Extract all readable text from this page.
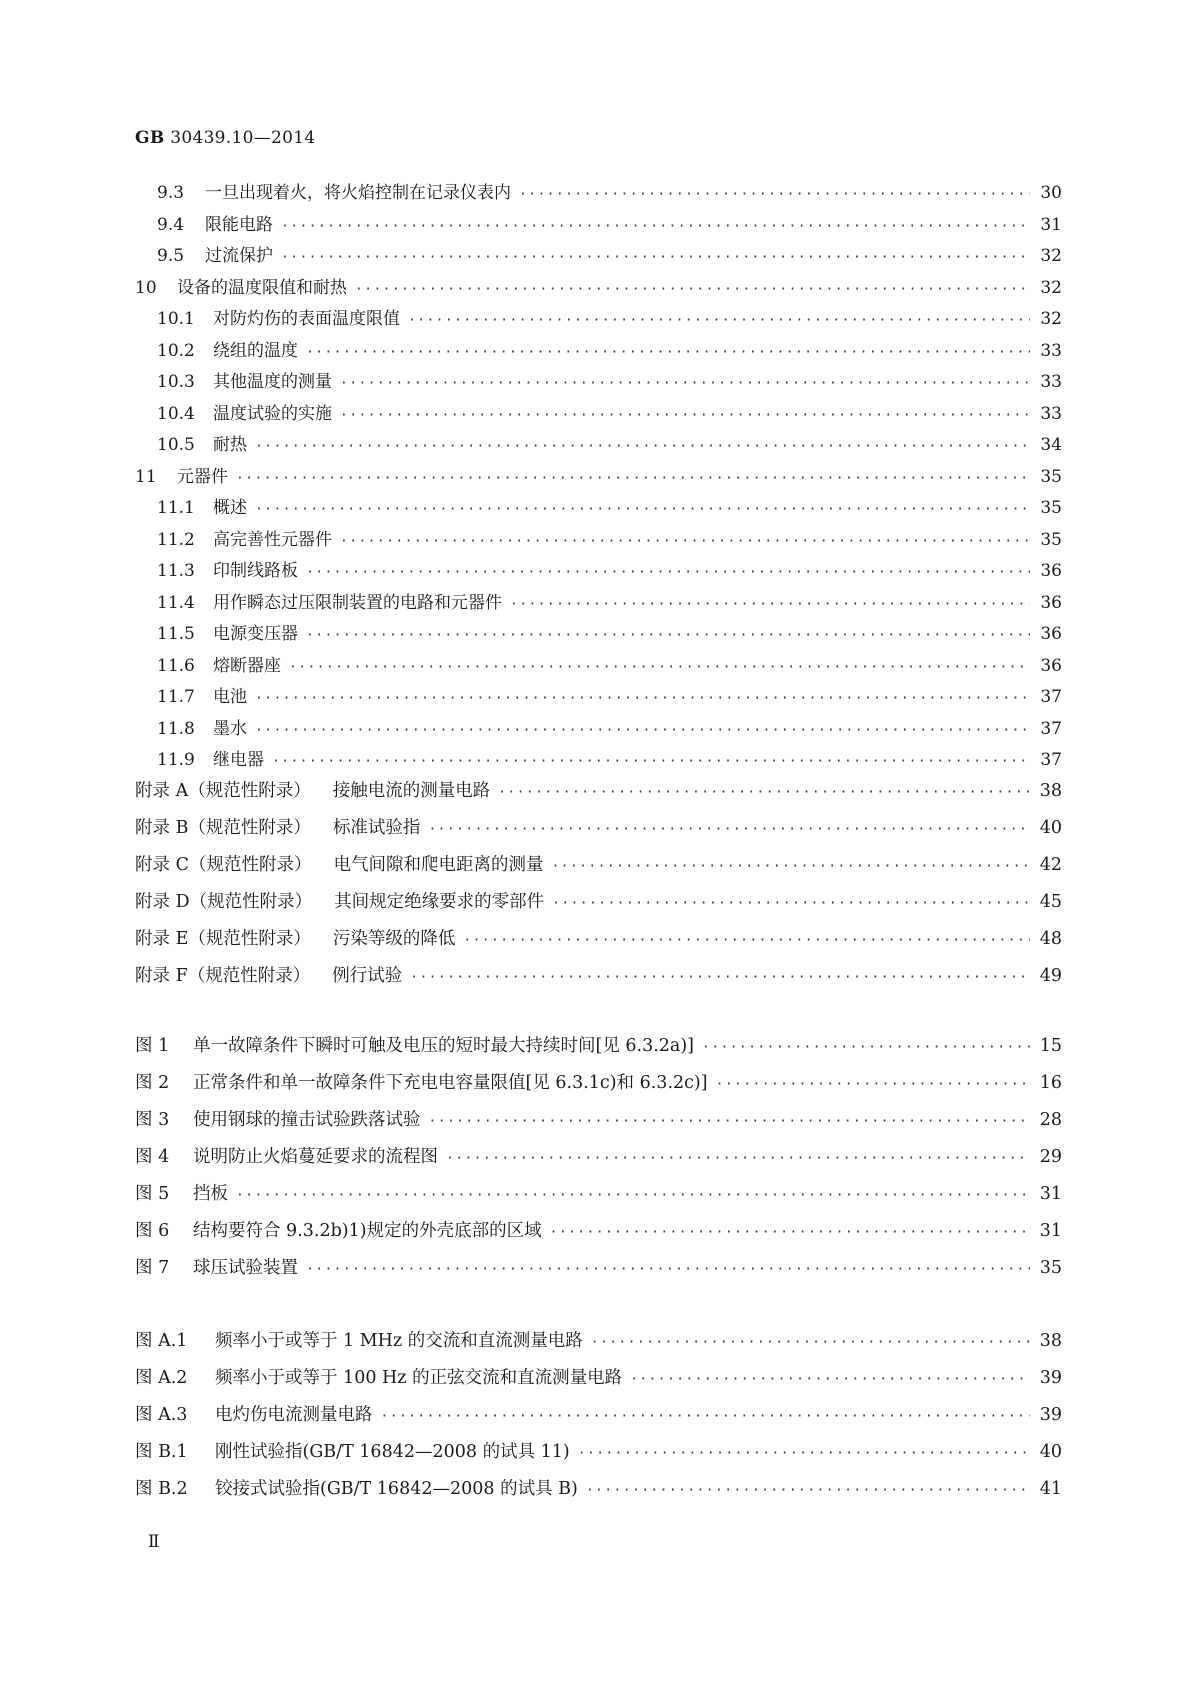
GB 30439.10—2014
9.3	一旦出现着火，将火焰控制在记录仪表内 ·····	30
9.4	限能电路 ·····	31
9.5	过流保护 ·····	32
10	设备的温度限值和耐热 ·····	32
10.1	对防灼伤的表面温度限值 ·····	32
10.2	绕组的温度 ·····	33
10.3	其他温度的测量 ·····	33
10.4	温度试验的实施 ·····	33
10.5	耐热 ·····	34
11	元器件 ·····	35
11.1	概述 ·····	35
11.2	高完善性元器件 ·····	35
11.3	印制线路板 ·····	36
11.4	用作瞬态过压限制装置的电路和元器件 ·····	36
11.5	电源变压器 ·····	36
11.6	熔断器座 ·····	36
11.7	电池 ·····	37
11.8	墨水 ·····	37
11.9	继电器 ·····	37
附录 A（规范性附录） 接触电流的测量电路 ·····	38
附录 B（规范性附录） 标准试验指 ·····	40
附录 C（规范性附录） 电气间隙和爬电距离的测量 ·····	42
附录 D（规范性附录） 其间规定绝缘要求的零部件 ·····	45
附录 E（规范性附录） 污染等级的降低 ·····	48
附录 F（规范性附录） 例行试验 ·····	49
图 1	单一故障条件下瞬时可触及电压的短时最大持续时间[见 6.3.2a)] ·····	15
图 2	正常条件和单一故障条件下充电电容量限值[见 6.3.1c)和 6.3.2c)] ·····	16
图 3	使用钢球的撞击试验跌落试验 ·····	28
图 4	说明防止火焰蔓延要求的流程图 ·····	29
图 5	挡板 ·····	31
图 6	结构要符合 9.3.2b)1)规定的外壳底部的区域 ·····	31
图 7	球压试验装置 ·····	35
图 A.1	频率小于或等于 1 MHz 的交流和直流测量电路 ·····	38
图 A.2	频率小于或等于 100 Hz 的正弦交流和直流测量电路 ·····	39
图 A.3	电灼伤电流测量电路 ·····	39
图 B.1	刚性试验指(GB/T 16842—2008 的试具 11) ·····	40
图 B.2	铰接式试验指(GB/T 16842—2008 的试具 B) ·····	41
Ⅱ
